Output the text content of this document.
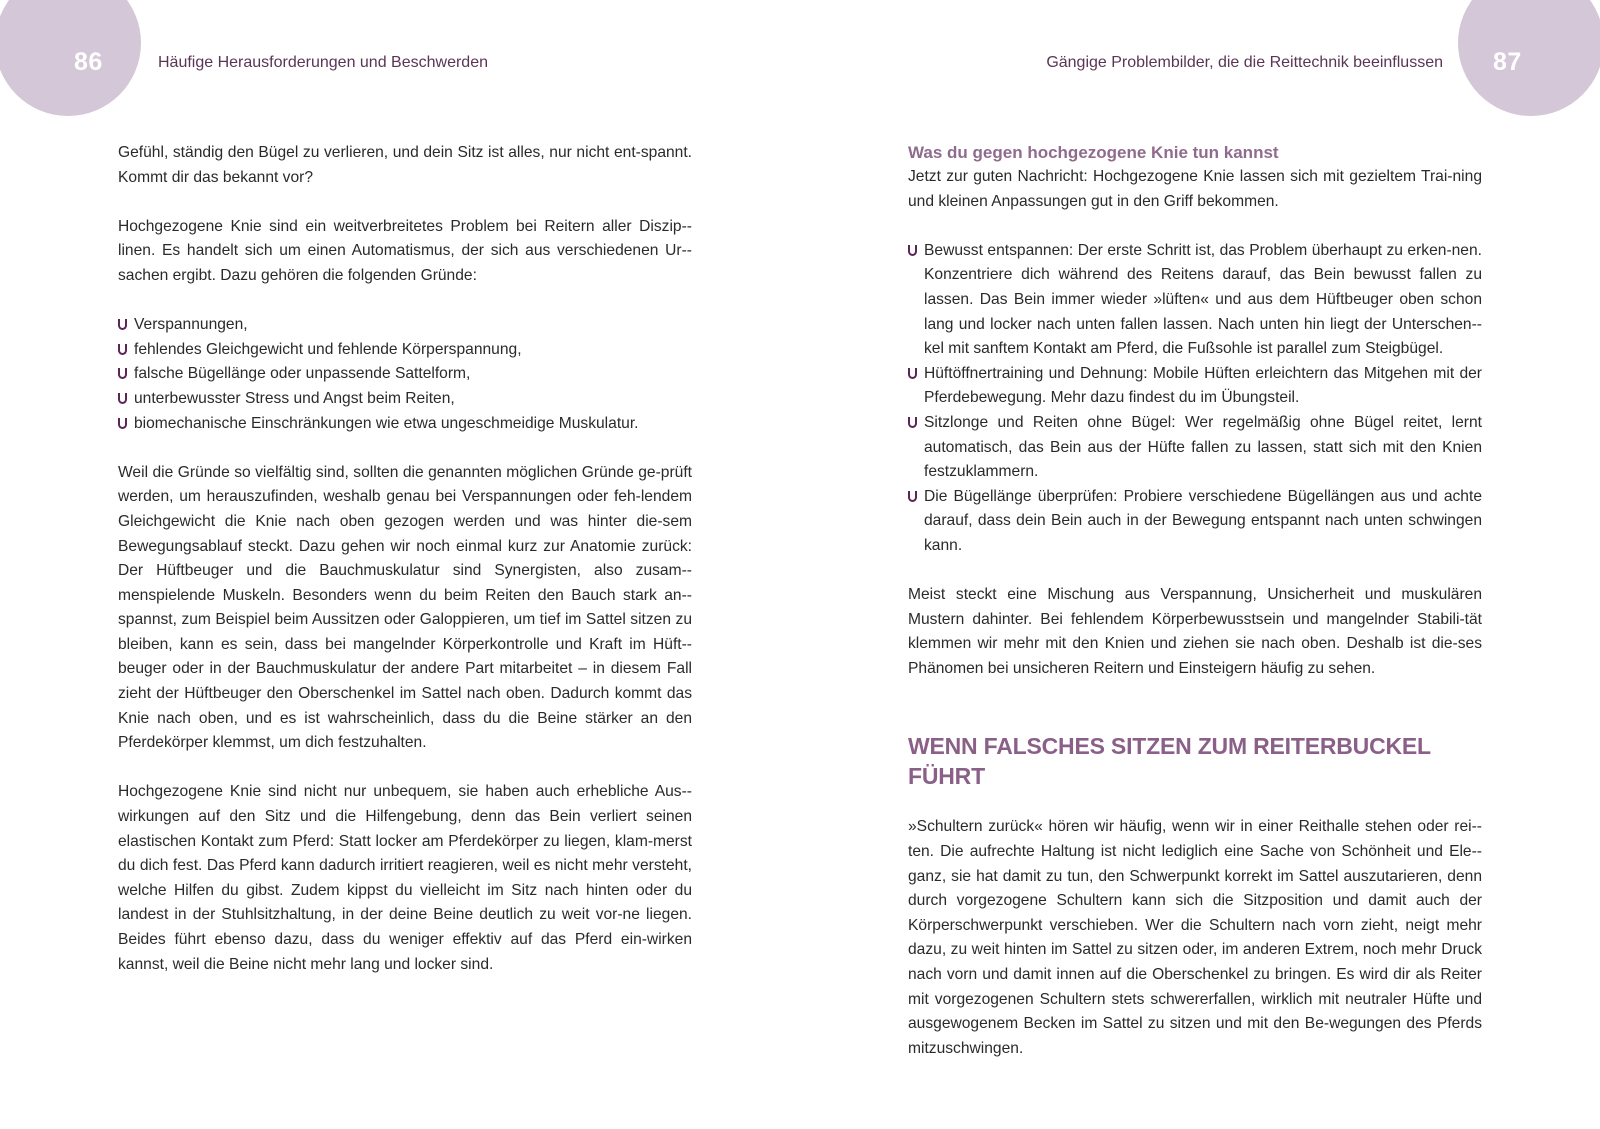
86	Häufige Herausforderungen und Beschwerden

Gefühl, ständig den Bügel zu verlieren, und dein Sitz ist alles, nur nicht ent-spannt. Kommt dir das bekannt vor?

Hochgezogene Knie sind ein weitverbreitetes Problem bei Reitern aller Diszip-linen. Es handelt sich um einen Automatismus, der sich aus verschiedenen Ur-sachen ergibt. Dazu gehören die folgenden Gründe:

Verspannungen,
fehlendes Gleichgewicht und fehlende Körperspannung,
falsche Bügellänge oder unpassende Sattelform,
unterbewusster Stress und Angst beim Reiten,
biomechanische Einschränkungen wie etwa ungeschmeidige Muskulatur.

Weil die Gründe so vielfältig sind, sollten die genannten möglichen Gründe ge-prüft werden, um herauszufinden, weshalb genau bei Verspannungen oder feh-lendem Gleichgewicht die Knie nach oben gezogen werden und was hinter die-sem Bewegungsablauf steckt. Dazu gehen wir noch einmal kurz zur Anatomie zurück: Der Hüftbeuger und die Bauchmuskulatur sind Synergisten, also zusam-menspielende Muskeln. Besonders wenn du beim Reiten den Bauch stark an-spannst, zum Beispiel beim Aussitzen oder Galoppieren, um tief im Sattel sitzen zu bleiben, kann es sein, dass bei mangelnder Körperkontrolle und Kraft im Hüft-beuger oder in der Bauchmuskulatur der andere Part mitarbeitet – in diesem Fall zieht der Hüftbeuger den Oberschenkel im Sattel nach oben. Dadurch kommt das Knie nach oben, und es ist wahrscheinlich, dass du die Beine stärker an den Pferdekörper klemmst, um dich festzuhalten.

Hochgezogene Knie sind nicht nur unbequem, sie haben auch erhebliche Aus-wirkungen auf den Sitz und die Hilfengebung, denn das Bein verliert seinen elastischen Kontakt zum Pferd: Statt locker am Pferdekörper zu liegen, klam-merst du dich fest. Das Pferd kann dadurch irritiert reagieren, weil es nicht mehr versteht, welche Hilfen du gibst. Zudem kippst du vielleicht im Sitz nach hinten oder du landest in der Stuhlsitzhaltung, in der deine Beine deutlich zu weit vor-ne liegen. Beides führt ebenso dazu, dass du weniger effektiv auf das Pferd ein-wirken kannst, weil die Beine nicht mehr lang und locker sind.

87
Gängige Problembilder, die die Reittechnik beeinflussen
Was du gegen hochgezogene Knie tun kannst

Jetzt zur guten Nachricht: Hochgezogene Knie lassen sich mit gezieltem Trai-ning und kleinen Anpassungen gut in den Griff bekommen.

Bewusst entspannen: Der erste Schritt ist, das Problem überhaupt zu erken-nen. Konzentriere dich während des Reitens darauf, das Bein bewusst fallen zu lassen. Das Bein immer wieder »lüften« und aus dem Hüftbeuger oben schon lang und locker nach unten fallen lassen. Nach unten hin liegt der Unterschen-kel mit sanftem Kontakt am Pferd, die Fußsohle ist parallel zum Steigbügel.
Hüftöffnertraining und Dehnung: Mobile Hüften erleichtern das Mitgehen mit der Pferdebewegung. Mehr dazu findest du im Übungsteil.
Sitzlonge und Reiten ohne Bügel: Wer regelmäßig ohne Bügel reitet, lernt automatisch, das Bein aus der Hüfte fallen zu lassen, statt sich mit den Knien festzuklammern.
Die Bügellänge überprüfen: Probiere verschiedene Bügellängen aus und achte darauf, dass dein Bein auch in der Bewegung entspannt nach unten schwingen kann.

Meist steckt eine Mischung aus Verspannung, Unsicherheit und muskulären Mustern dahinter. Bei fehlendem Körperbewusstsein und mangelnder Stabili-tät klemmen wir mehr mit den Knien und ziehen sie nach oben. Deshalb ist die-ses Phänomen bei unsicheren Reitern und Einsteigern häufig zu sehen.

WENN FALSCHES SITZEN ZUM REITERBUCKEL FÜHRT

»Schultern zurück« hören wir häufig, wenn wir in einer Reithalle stehen oder rei-ten. Die aufrechte Haltung ist nicht lediglich eine Sache von Schönheit und Ele-ganz, sie hat damit zu tun, den Schwerpunkt korrekt im Sattel auszutarieren, denn durch vorgezogene Schultern kann sich die Sitzposition und damit auch der Körperschwerpunkt verschieben. Wer die Schultern nach vorn zieht, neigt mehr dazu, zu weit hinten im Sattel zu sitzen oder, im anderen Extrem, noch mehr Druck nach vorn und damit innen auf die Oberschenkel zu bringen. Es wird dir als Reiter mit vorgezogenen Schultern stets schwererfallen, wirklich mit neutraler Hüfte und ausgewogenem Becken im Sattel zu sitzen und mit den Be-wegungen des Pferds mitzuschwingen.
